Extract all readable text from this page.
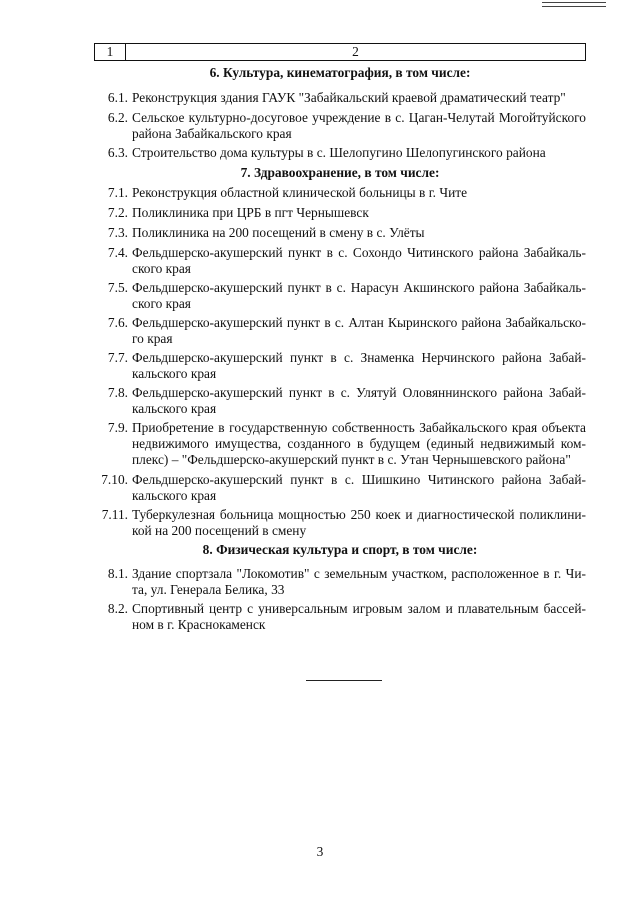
1	2
6. Культура, кинематография, в том числе:
6.1. Реконструкция здания ГАУК "Забайкальский краевой драматический театр"
6.2. Сельское культурно-досуговое учреждение в с. Цаган-Челутай Могойтуйского района Забайкальского края
6.3. Строительство дома культуры в с. Шелопугино Шелопугинского района
7. Здравоохранение, в том числе:
7.1. Реконструкция областной клинической больницы в г. Чите
7.2. Поликлиника при ЦРБ в пгт Чернышевск
7.3. Поликлиника на 200 посещений в смену в с. Улёты
7.4. Фельдшерско-акушерский пункт в с. Сохондо Читинского района Забайкаль-ского края
7.5. Фельдшерско-акушерский пункт в с. Нарасун Акшинского района Забайкаль-ского края
7.6. Фельдшерско-акушерский пункт в с. Алтан Кыринского района Забайкальско-го края
7.7. Фельдшерско-акушерский пункт в с. Знаменка Нерчинского района Забай-кальского края
7.8. Фельдшерско-акушерский пункт в с. Улятуй Оловяннинского района Забай-кальского края
7.9. Приобретение в государственную собственность Забайкальского края объекта недвижимого имущества, созданного в будущем (единый недвижимый ком-плекс) – "Фельдшерско-акушерский пункт в с. Утан Чернышевского района"
7.10. Фельдшерско-акушерский пункт в с. Шишкино Читинского района Забай-кальского края
7.11. Туберкулезная больница мощностью 250 коек и диагностической поликлини-кой на 200 посещений в смену
8. Физическая культура и спорт, в том числе:
8.1. Здание спортзала "Локомотив" с земельным участком, расположенное в г. Чи-та, ул. Генерала Белика, 33
8.2. Спортивный центр с универсальным игровым залом и плавательным бассей-ном в г. Краснокаменск
3
